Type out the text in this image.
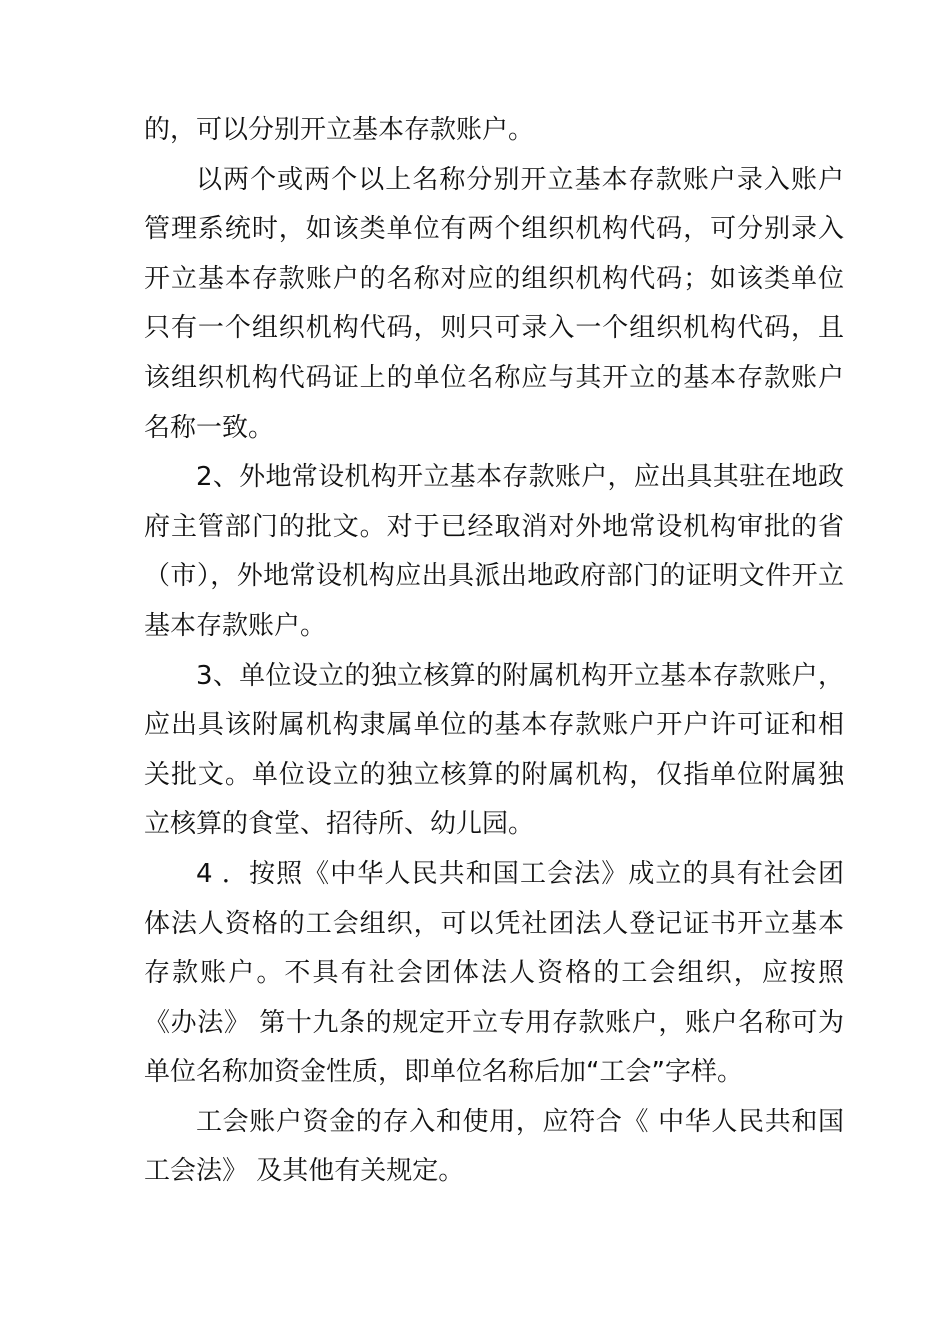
的，可以分别开立基本存款账户。

以两个或两个以上名称分别开立基本存款账户录入账户管理系统时，如该类单位有两个组织机构代码，可分别录入开立基本存款账户的名称对应的组织机构代码；如该类单位只有一个组织机构代码，则只可录入一个组织机构代码，且该组织机构代码证上的单位名称应与其开立的基本存款账户名称一致。

2、外地常设机构开立基本存款账户，应出具其驻在地政府主管部门的批文。对于已经取消对外地常设机构审批的省（市），外地常设机构应出具派出地政府部门的证明文件开立基本存款账户。

3、单位设立的独立核算的附属机构开立基本存款账户，应出具该附属机构隶属单位的基本存款账户开户许可证和相关批文。单位设立的独立核算的附属机构，仅指单位附属独立核算的食堂、招待所、幼儿园。

4 ．按照《中华人民共和国工会法》成立的具有社会团体法人资格的工会组织，可以凭社团法人登记证书开立基本存款账户。不具有社会团体法人资格的工会组织，应按照《办法》 第十九条的规定开立专用存款账户，账户名称可为单位名称加资金性质，即单位名称后加“工会”字样。

工会账户资金的存入和使用，应符合《 中华人民共和国工会法》 及其他有关规定。
